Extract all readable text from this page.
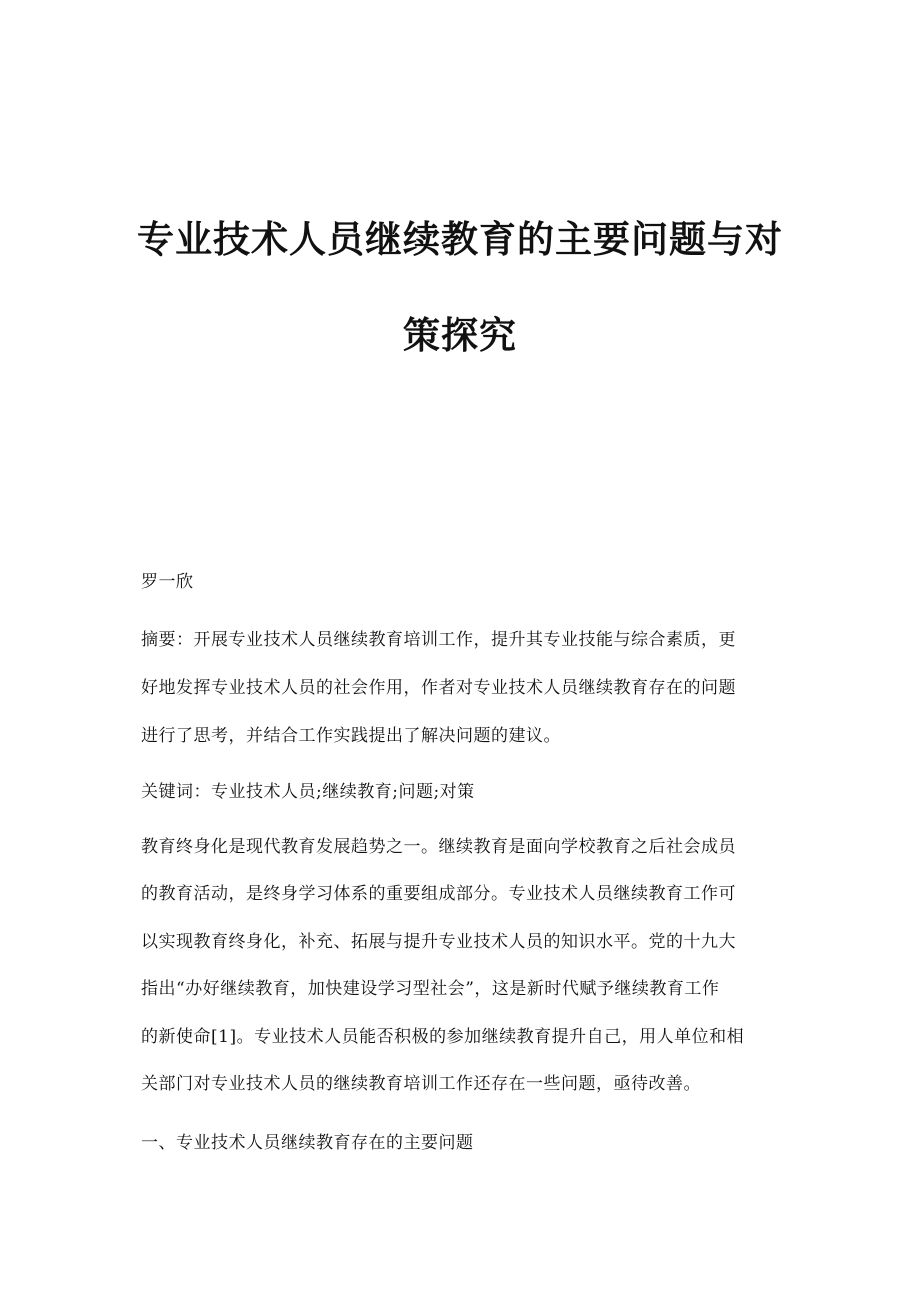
专业技术人员继续教育的主要问题与对
策探究

罗一欣

摘要：开展专业技术人员继续教育培训工作，提升其专业技能与综合素质，更
好地发挥专业技术人员的社会作用，作者对专业技术人员继续教育存在的问题
进行了思考，并结合工作实践提出了解决问题的建议。

关键词：专业技术人员;继续教育;问题;对策

教育终身化是现代教育发展趋势之一。继续教育是面向学校教育之后社会成员
的教育活动，是终身学习体系的重要组成部分。专业技术人员继续教育工作可
以实现教育终身化，补充、拓展与提升专业技术人员的知识水平。党的十九大
指出“办好继续教育，加快建设学习型社会”，这是新时代赋予继续教育工作
的新使命[1]。专业技术人员能否积极的参加继续教育提升自己，用人单位和相
关部门对专业技术人员的继续教育培训工作还存在一些问题，亟待改善。

一、专业技术人员继续教育存在的主要问题
